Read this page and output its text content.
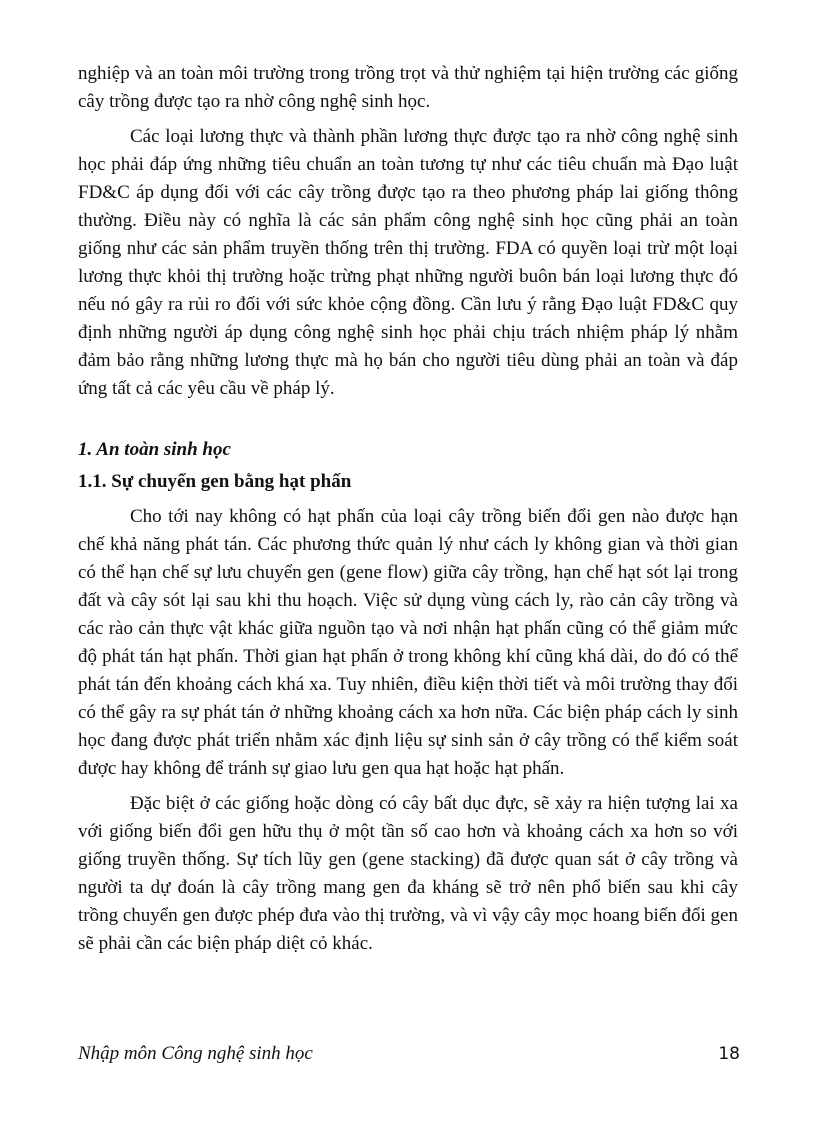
nghiệp và an toàn môi trường trong trồng trọt và thử nghiệm tại hiện trường các giống cây trồng được tạo ra nhờ công nghệ sinh học.

Các loại lương thực và thành phần lương thực được tạo ra nhờ công nghệ sinh học phải đáp ứng những tiêu chuẩn an toàn tương tự như các tiêu chuẩn mà Đạo luật FD&C áp dụng đối với các cây trồng được tạo ra theo phương pháp lai giống thông thường. Điều này có nghĩa là các sản phẩm công nghệ sinh học cũng phải an toàn giống như các sản phẩm truyền thống trên thị trường. FDA có quyền loại trừ một loại lương thực khỏi thị trường hoặc trừng phạt những người buôn bán loại lương thực đó nếu nó gây ra rủi ro đối với sức khỏe cộng đồng. Cần lưu ý rằng Đạo luật FD&C quy định những người áp dụng công nghệ sinh học phải chịu trách nhiệm pháp lý nhằm đảm bảo rằng những lương thực mà họ bán cho người tiêu dùng phải an toàn và đáp ứng tất cả các yêu cầu về pháp lý.

1. An toàn sinh học
1.1. Sự chuyển gen bằng hạt phấn

Cho tới nay không có hạt phấn của loại cây trồng biến đổi gen nào được hạn chế khả năng phát tán. Các phương thức quản lý như cách ly không gian và thời gian có thể hạn chế sự lưu chuyển gen (gene flow) giữa cây trồng, hạn chế hạt sót lại trong đất và cây sót lại sau khi thu hoạch. Việc sử dụng vùng cách ly, rào cản cây trồng và các rào cản thực vật khác giữa nguồn tạo và nơi nhận hạt phấn cũng có thể giảm mức độ phát tán hạt phấn. Thời gian hạt phấn ở trong không khí cũng khá dài, do đó có thể phát tán đến khoảng cách khá xa. Tuy nhiên, điều kiện thời tiết và môi trường thay đổi có thể gây ra sự phát tán ở những khoảng cách xa hơn nữa. Các biện pháp cách ly sinh học đang được phát triển nhằm xác định liệu sự sinh sản ở cây trồng có thể kiểm soát được hay không để tránh sự giao lưu gen qua hạt hoặc hạt phấn.

Đặc biệt ở các giống hoặc dòng có cây bất dục đực, sẽ xảy ra hiện tượng lai xa với giống biến đổi gen hữu thụ ở một tần số cao hơn và khoảng cách xa hơn so với giống truyền thống. Sự tích lũy gen (gene stacking) đã được quan sát ở cây trồng và người ta dự đoán là cây trồng mang gen đa kháng sẽ trở nên phổ biến sau khi cây trồng chuyển gen được phép đưa vào thị trường, và vì vậy cây mọc hoang biến đổi gen sẽ phải cần các biện pháp diệt cỏ khác.

Nhập môn Công nghệ sinh học	18
